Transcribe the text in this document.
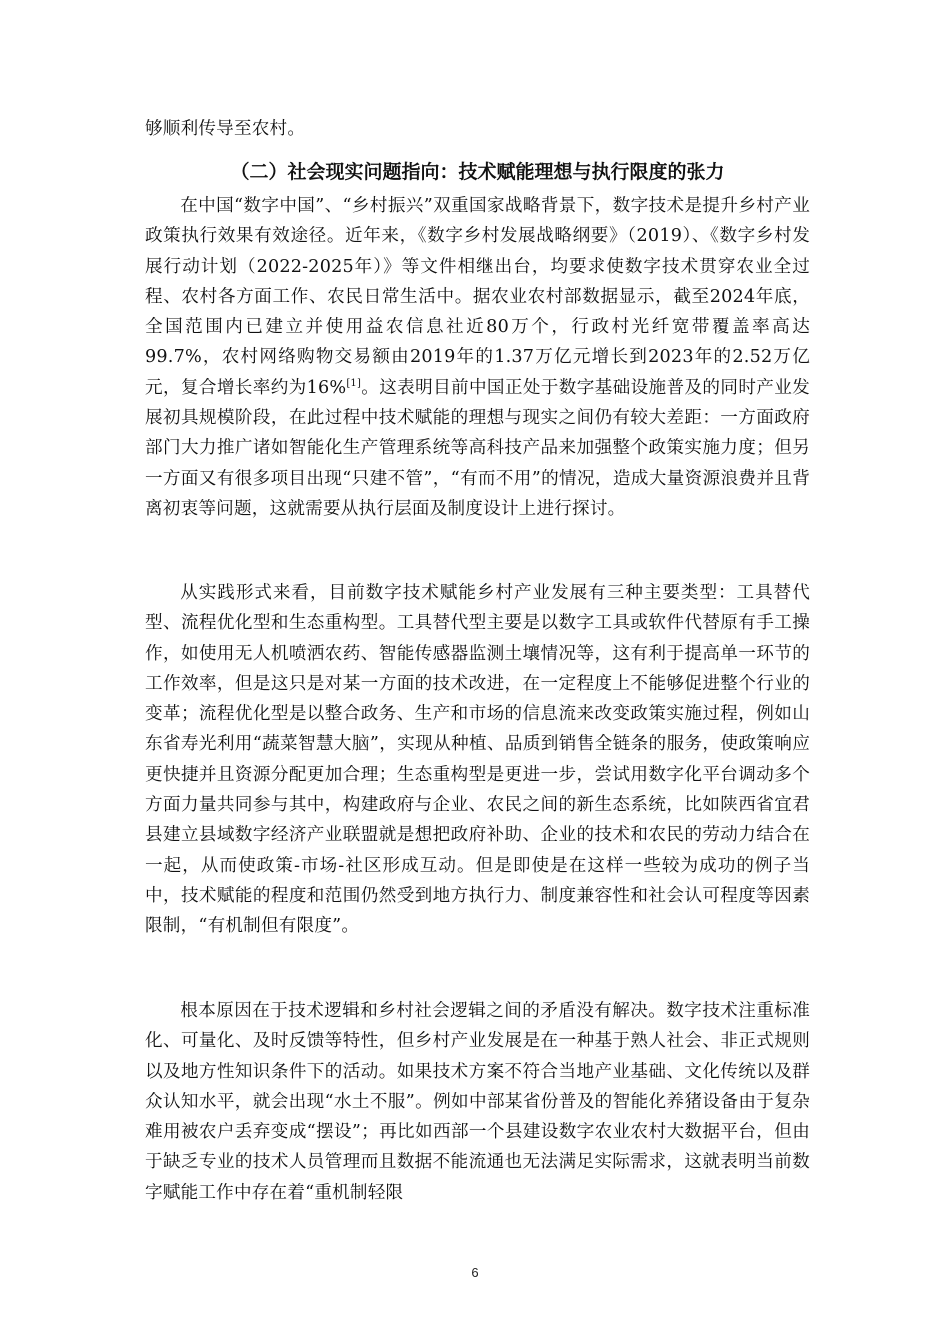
够顺利传导至农村。

（二）社会现实问题指向：技术赋能理想与执行限度的张力

在中国“数字中国”、“乡村振兴”双重国家战略背景下，数字技术是提升乡村产业政策执行效果有效途径。近年来，《数字乡村发展战略纲要》（2019）、《数字乡村发展行动计划（2022-2025年）》等文件相继出台，均要求使数字技术贯穿农业全过程、农村各方面工作、农民日常生活中。据农业农村部数据显示，截至2024年底，全国范围内已建立并使用益农信息社近80万个，行政村光纤宽带覆盖率高达99.7%，农村网络购物交易额由2019年的1.37万亿元增长到2023年的2.52万亿元，复合增长率约为16%[1]。这表明目前中国正处于数字基础设施普及的同时产业发展初具规模阶段，在此过程中技术赋能的理想与现实之间仍有较大差距：一方面政府部门大力推广诸如智能化生产管理系统等高科技产品来加强整个政策实施力度；但另一方面又有很多项目出现“只建不管”，“有而不用”的情况，造成大量资源浪费并且背离初衷等问题，这就需要从执行层面及制度设计上进行探讨。

从实践形式来看，目前数字技术赋能乡村产业发展有三种主要类型：工具替代型、流程优化型和生态重构型。工具替代型主要是以数字工具或软件代替原有手工操作，如使用无人机喷洒农药、智能传感器监测土壤情况等，这有利于提高单一环节的工作效率，但是这只是对某一方面的技术改进，在一定程度上不能够促进整个行业的变革；流程优化型是以整合政务、生产和市场的信息流来改变政策实施过程，例如山东省寿光利用“蔬菜智慧大脑”，实现从种植、品质到销售全链条的服务，使政策响应更快捷并且资源分配更加合理；生态重构型是更进一步，尝试用数字化平台调动多个方面力量共同参与其中，构建政府与企业、农民之间的新生态系统，比如陕西省宜君县建立县域数字经济产业联盟就是想把政府补助、企业的技术和农民的劳动力结合在一起，从而使政策-市场-社区形成互动。但是即使是在这样一些较为成功的例子当中，技术赋能的程度和范围仍然受到地方执行力、制度兼容性和社会认可程度等因素限制，“有机制但有限度”。

根本原因在于技术逻辑和乡村社会逻辑之间的矛盾没有解决。数字技术注重标准化、可量化、及时反馈等特性，但乡村产业发展是在一种基于熟人社会、非正式规则以及地方性知识条件下的活动。如果技术方案不符合当地产业基础、文化传统以及群众认知水平，就会出现“水土不服”。例如中部某省份普及的智能化养猪设备由于复杂难用被农户丢弃变成“摆设”；再比如西部一个县建设数字农业农村大数据平台，但由于缺乏专业的技术人员管理而且数据不能流通也无法满足实际需求，这就表明当前数字赋能工作中存在着“重机制轻限

6
